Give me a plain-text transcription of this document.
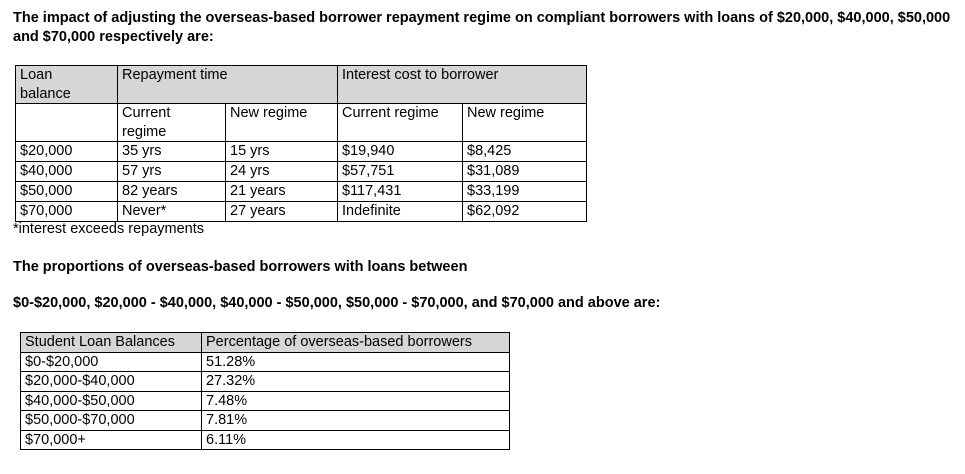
The impact of adjusting the overseas-based borrower repayment regime on compliant borrowers with loans of $20,000, $40,000, $50,000 and $70,000 respectively are:

Loan balance	Repayment time		Interest cost to borrower	

	Current regime	New regime	Current regime	New regime
$20,000	35 yrs	15 yrs	$19,940	$8,425
$40,000	57 yrs	24 yrs	$57,751	$31,089
$50,000	82 years	21 years	$117,431	$33,199
$70,000	Never*	27 years	Indefinite	$62,092

*interest exceeds repayments

The proportions of overseas-based borrowers with loans between

$0-$20,000, $20,000 - $40,000, $40,000 - $50,000, $50,000 - $70,000, and $70,000 and above are:

Student Loan Balances	Percentage of overseas-based borrowers
$0-$20,000	51.28%
$20,000-$40,000	27.32%
$40,000-$50,000	7.48%
$50,000-$70,000	7.81%
$70,000+	6.11%
